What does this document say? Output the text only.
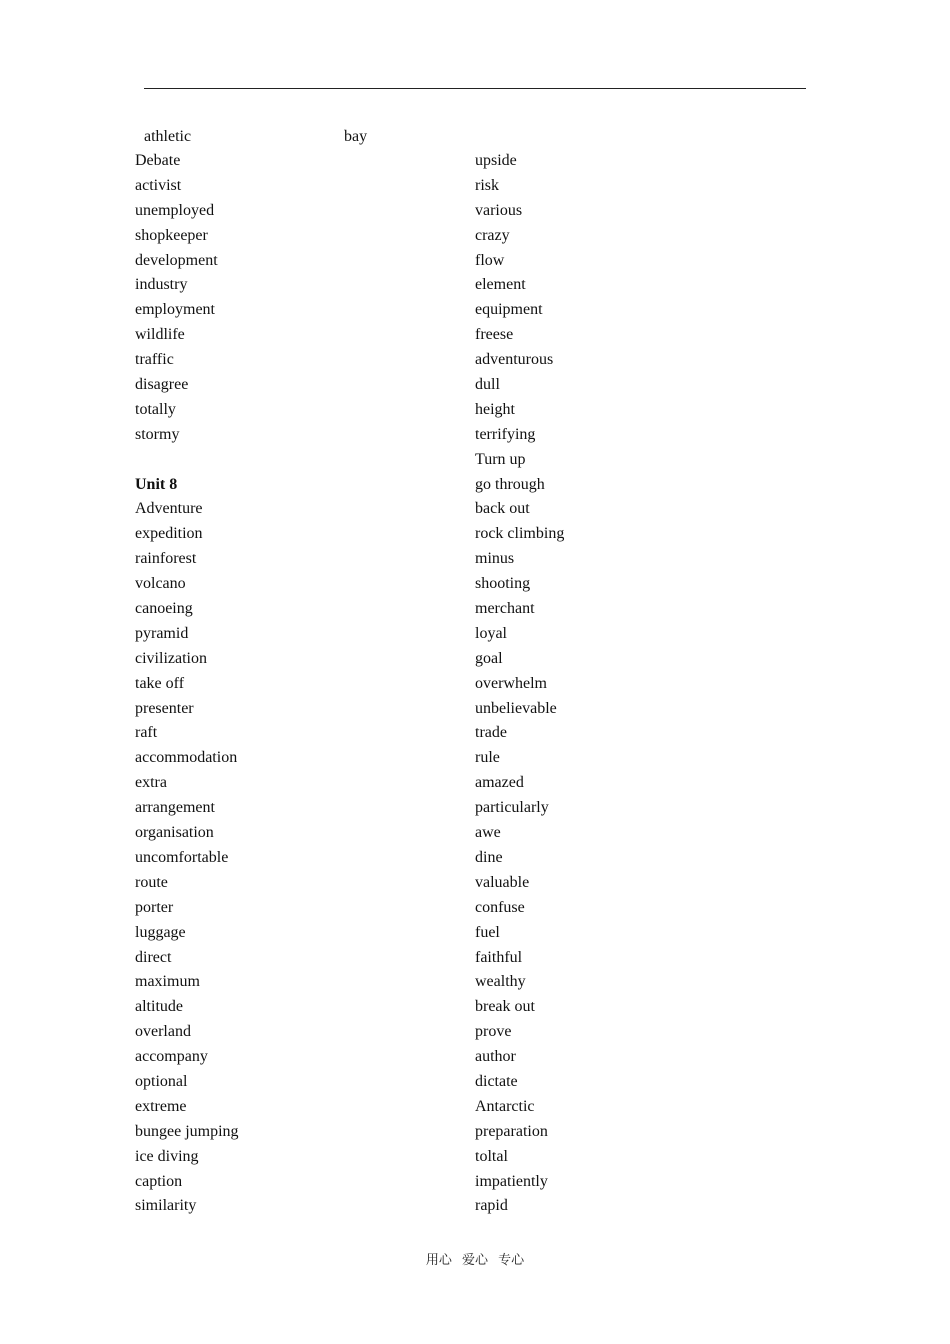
athletic	bay
Debate
activist
unemployed
shopkeeper
development
industry
employment
wildlife
traffic
disagree
totally
stormy
Unit 8
Adventure
expedition
rainforest
volcano
canoeing
pyramid
civilization
take off
presenter
raft
accommodation
extra
arrangement
organisation
uncomfortable
route
porter
luggage
direct
maximum
altitude
overland
accompany
optional
extreme
bungee jumping
ice diving
caption
similarity
upside
risk
various
crazy
flow
element
equipment
freese
adventurous
dull
height
terrifying
Turn up
go through
back out
rock climbing
minus
shooting
merchant
loyal
goal
overwhelm
unbelievable
trade
rule
amazed
particularly
awe
dine
valuable
confuse
fuel
faithful
wealthy
break out
prove
author
dictate
Antarctic
preparation
toltal
impatiently
rapid
用心 爱心 专心
